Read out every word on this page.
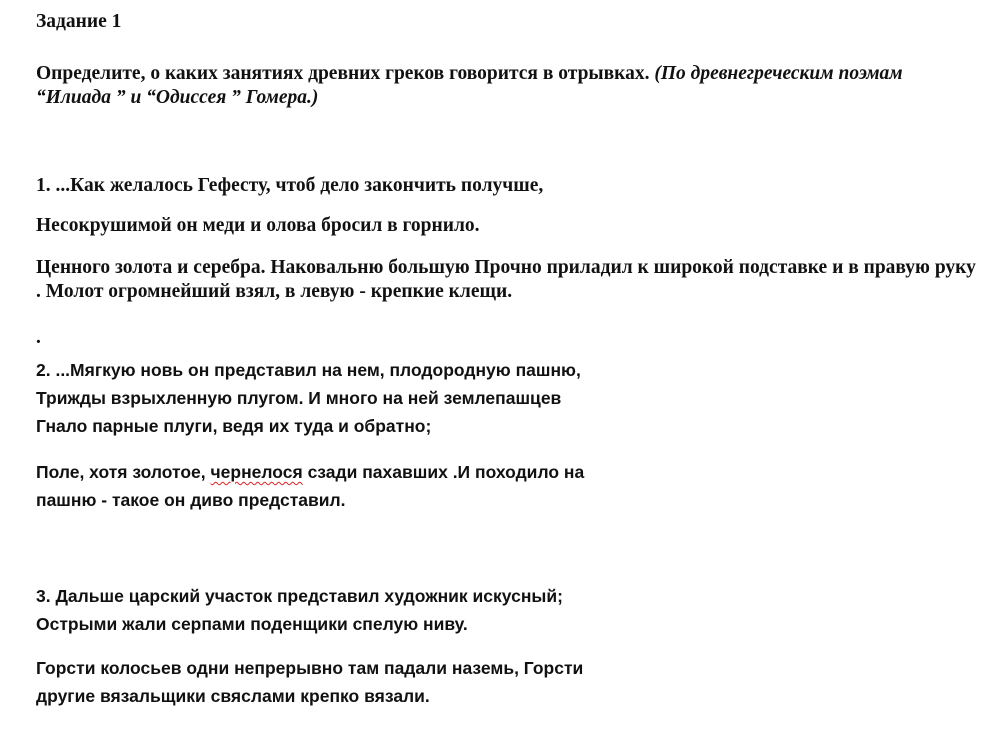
Задание 1

Определите, о каких занятиях древних греков говорится в отрывках. (По древнегреческим поэмам “Илиада ” и “Одиссея ” Гомера.)

1. ...Как желалось Гефесту, чтоб дело закончить получше,

Несокрушимой он меди и олова бросил в горнило.

Ценного золота и серебра. Наковальню большую Прочно приладил к широкой подставке и в правую руку . Молот огромнейший взял, в левую - крепкие клещи.

.

2. ...Мягкую новь он представил на нем, плодородную пашню,

Трижды взрыхленную плугом. И много на ней землепашцев

Гнало парные плуги, ведя их туда и обратно;

Поле, хотя золотое, чернелося сзади пахавших .И походило на

пашню - такое он диво представил.

3. Дальше царский участок представил художник искусный;

Острыми жали серпами поденщики спелую ниву.

Горсти колосьев одни непрерывно там падали наземь, Горсти

другие вязальщики свяслами крепко вязали.
